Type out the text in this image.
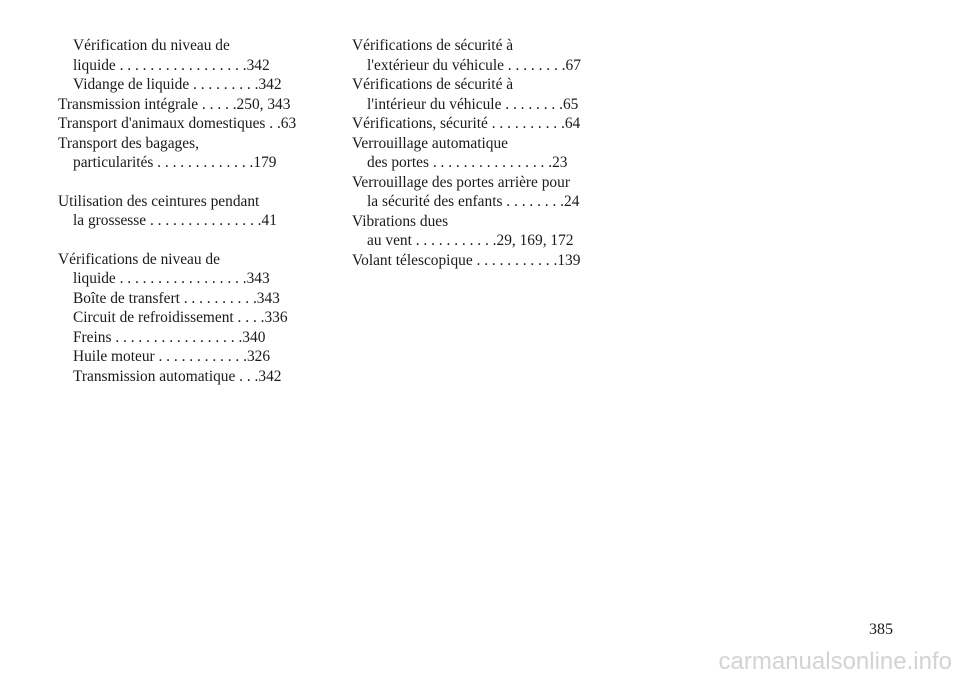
Vérification du niveau de
liquide . . . . . . . . . . . . . . . . .342
Vidange de liquide . . . . . . . . .342
Transmission intégrale . . . . .250, 343
Transport d'animaux domestiques . .63
Transport des bagages,
particularités . . . . . . . . . . . . .179
Utilisation des ceintures pendant
la grossesse . . . . . . . . . . . . . . .41
Vérifications de niveau de
liquide . . . . . . . . . . . . . . . . .343
Boîte de transfert . . . . . . . . . .343
Circuit de refroidissement . . . .336
Freins . . . . . . . . . . . . . . . . .340
Huile moteur . . . . . . . . . . . .326
Transmission automatique . . .342
Vérifications de sécurité à
l'extérieur du véhicule . . . . . . . .67
Vérifications de sécurité à
l'intérieur du véhicule . . . . . . . .65
Vérifications, sécurité . . . . . . . . . .64
Verrouillage automatique
des portes . . . . . . . . . . . . . . . .23
Verrouillage des portes arrière pour
la sécurité des enfants . . . . . . . .24
Vibrations dues
au vent . . . . . . . . . . .29, 169, 172
Volant télescopique . . . . . . . . . . .139
385
carmanualsonline.info
